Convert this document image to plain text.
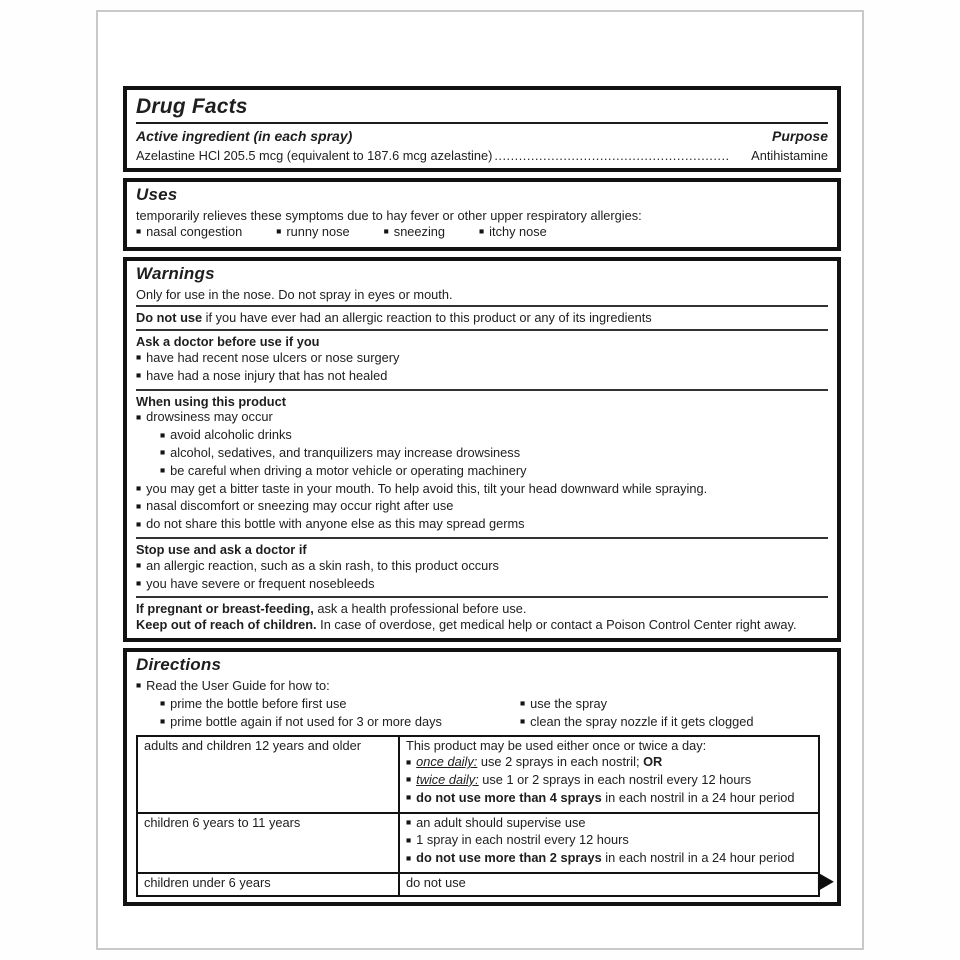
Drug Facts
Active ingredient (in each spray)	Purpose
Azelastine HCl 205.5 mcg (equivalent to 187.6 mcg azelastine) ..........................................................	Antihistamine
Uses
temporarily relieves these symptoms due to hay fever or other upper respiratory allergies:
■ nasal congestion	■ runny nose	■ sneezing	■ itchy nose
Warnings
Only for use in the nose. Do not spray in eyes or mouth.
Do not use if you have ever had an allergic reaction to this product or any of its ingredients
Ask a doctor before use if you
■ have had recent nose ulcers or nose surgery
■ have had a nose injury that has not healed
When using this product
■ drowsiness may occur
■ avoid alcoholic drinks
■ alcohol, sedatives, and tranquilizers may increase drowsiness
■ be careful when driving a motor vehicle or operating machinery
■ you may get a bitter taste in your mouth. To help avoid this, tilt your head downward while spraying.
■ nasal discomfort or sneezing may occur right after use
■ do not share this bottle with anyone else as this may spread germs
Stop use and ask a doctor if
■ an allergic reaction, such as a skin rash, to this product occurs
■ you have severe or frequent nosebleeds
If pregnant or breast-feeding, ask a health professional before use.
Keep out of reach of children. In case of overdose, get medical help or contact a Poison Control Center right away.
Directions
■ Read the User Guide for how to:
■ prime the bottle before first use	■ use the spray
■ prime bottle again if not used for 3 or more days	■ clean the spray nozzle if it gets clogged
adults and children 12 years and older	This product may be used either once or twice a day:
■ once daily: use 2 sprays in each nostril; OR
■ twice daily: use 1 or 2 sprays in each nostril every 12 hours
■ do not use more than 4 sprays in each nostril in a 24 hour period

children 6 years to 11 years	■ an adult should supervise use
■ 1 spray in each nostril every 12 hours
■ do not use more than 2 sprays in each nostril in a 24 hour period

children under 6 years	do not use	▶
